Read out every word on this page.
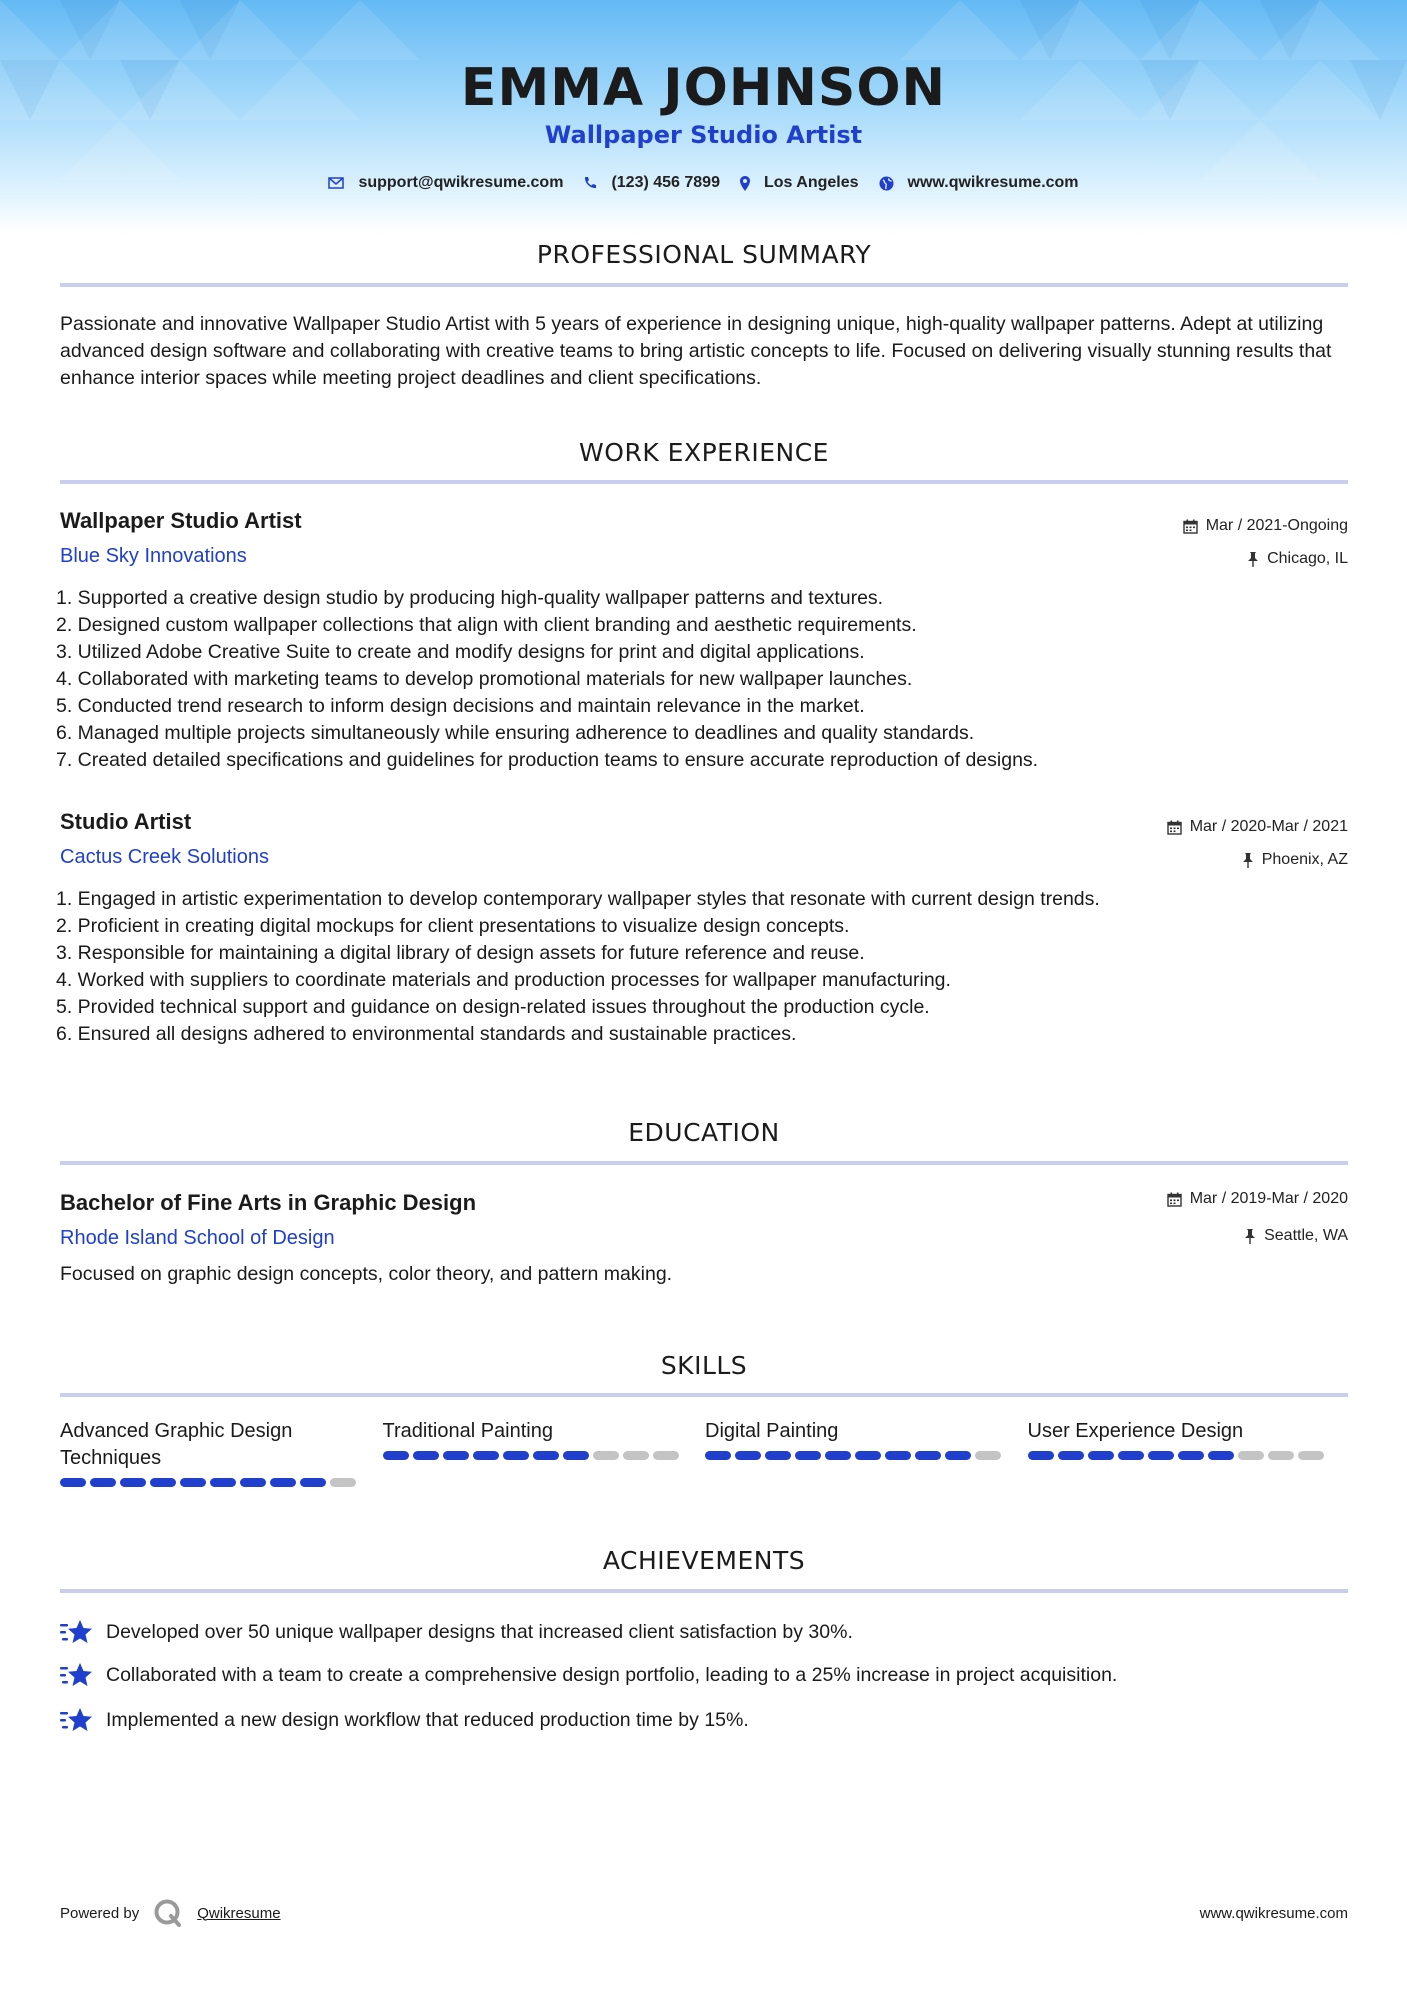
EMMA JOHNSON
Wallpaper Studio Artist
support@qwikresume.com	(123) 456 7899	Los Angeles	www.qwikresume.com
PROFESSIONAL SUMMARY
Passionate and innovative Wallpaper Studio Artist with 5 years of experience in designing unique, high-quality wallpaper patterns. Adept at utilizing advanced design software and collaborating with creative teams to bring artistic concepts to life. Focused on delivering visually stunning results that enhance interior spaces while meeting project deadlines and client specifications.
WORK EXPERIENCE
Wallpaper Studio Artist
Blue Sky Innovations
Mar / 2021-Ongoing
Chicago, IL
1. Supported a creative design studio by producing high-quality wallpaper patterns and textures.
2. Designed custom wallpaper collections that align with client branding and aesthetic requirements.
3. Utilized Adobe Creative Suite to create and modify designs for print and digital applications.
4. Collaborated with marketing teams to develop promotional materials for new wallpaper launches.
5. Conducted trend research to inform design decisions and maintain relevance in the market.
6. Managed multiple projects simultaneously while ensuring adherence to deadlines and quality standards.
7. Created detailed specifications and guidelines for production teams to ensure accurate reproduction of designs.
Studio Artist
Cactus Creek Solutions
Mar / 2020-Mar / 2021
Phoenix, AZ
1. Engaged in artistic experimentation to develop contemporary wallpaper styles that resonate with current design trends.
2. Proficient in creating digital mockups for client presentations to visualize design concepts.
3. Responsible for maintaining a digital library of design assets for future reference and reuse.
4. Worked with suppliers to coordinate materials and production processes for wallpaper manufacturing.
5. Provided technical support and guidance on design-related issues throughout the production cycle.
6. Ensured all designs adhered to environmental standards and sustainable practices.
EDUCATION
Bachelor of Fine Arts in Graphic Design
Rhode Island School of Design
Mar / 2019-Mar / 2020
Seattle, WA
Focused on graphic design concepts, color theory, and pattern making.
SKILLS
Advanced Graphic Design Techniques
Traditional Painting	Digital Painting	User Experience Design
ACHIEVEMENTS
Developed over 50 unique wallpaper designs that increased client satisfaction by 30%.
Collaborated with a team to create a comprehensive design portfolio, leading to a 25% increase in project acquisition.
Implemented a new design workflow that reduced production time by 15%.
Powered by	Qwikresume	www.qwikresume.com
